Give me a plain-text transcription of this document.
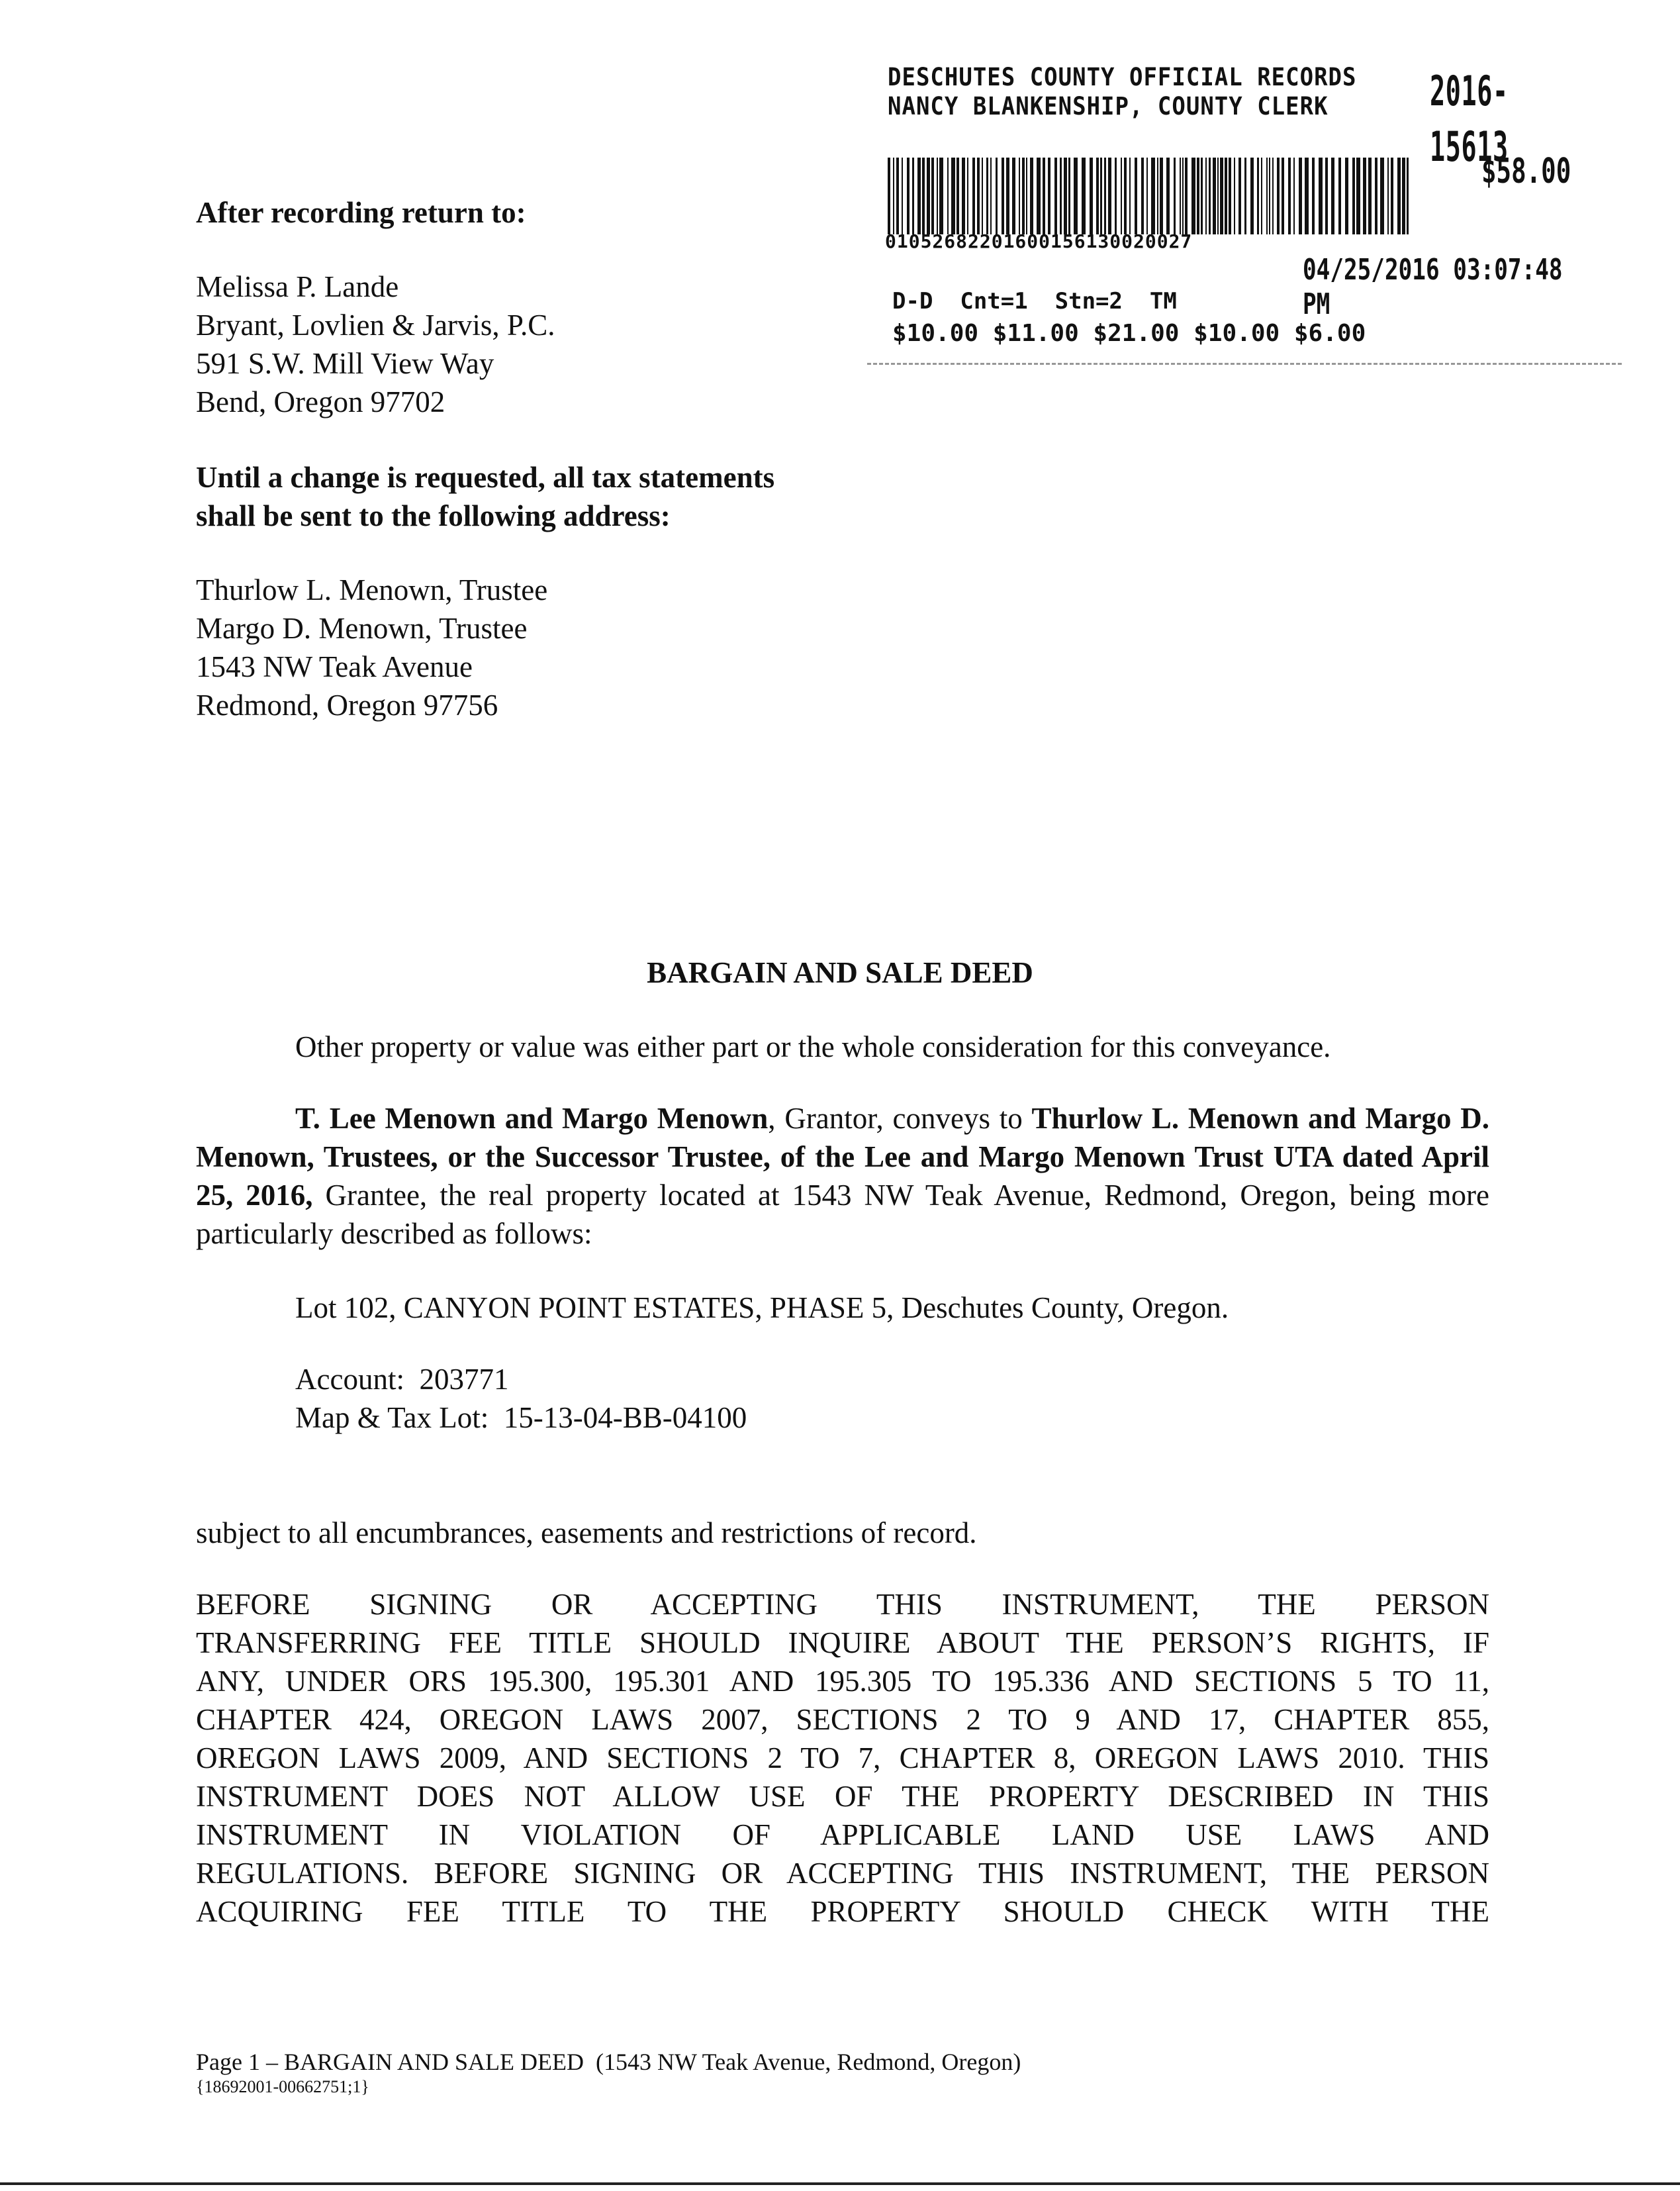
DESCHUTES COUNTY OFFICIAL RECORDS
NANCY BLANKENSHIP, COUNTY CLERK 2016-15613
$58.00
01052682201600156130020027
04/25/2016 03:07:48 PM
D-D  Cnt=1  Stn=2  TM
$10.00 $11.00 $21.00 $10.00 $6.00
After recording return to:
Melissa P. Lande
Bryant, Lovlien & Jarvis, P.C.
591 S.W. Mill View Way
Bend, Oregon 97702
Until a change is requested, all tax statements
shall be sent to the following address:
Thurlow L. Menown, Trustee
Margo D. Menown, Trustee
1543 NW Teak Avenue
Redmond, Oregon 97756
BARGAIN AND SALE DEED
Other property or value was either part or the whole consideration for this conveyance.
T. Lee Menown and Margo Menown, Grantor, conveys to Thurlow L. Menown and Margo D. Menown, Trustees, or the Successor Trustee, of the Lee and Margo Menown Trust UTA dated April 25, 2016, Grantee, the real property located at 1543 NW Teak Avenue, Redmond, Oregon, being more particularly described as follows:
Lot 102, CANYON POINT ESTATES, PHASE 5, Deschutes County, Oregon.
Account:  203771
Map & Tax Lot:  15-13-04-BB-04100
subject to all encumbrances, easements and restrictions of record.
BEFORE SIGNING OR ACCEPTING THIS INSTRUMENT, THE PERSON
TRANSFERRING FEE TITLE SHOULD INQUIRE ABOUT THE PERSON’S RIGHTS, IF
ANY, UNDER ORS 195.300, 195.301 AND 195.305 TO 195.336 AND SECTIONS 5 TO 11,
CHAPTER 424, OREGON LAWS 2007, SECTIONS 2 TO 9 AND 17, CHAPTER 855,
OREGON LAWS 2009, AND SECTIONS 2 TO 7, CHAPTER 8, OREGON LAWS 2010. THIS
INSTRUMENT DOES NOT ALLOW USE OF THE PROPERTY DESCRIBED IN THIS
INSTRUMENT IN VIOLATION OF APPLICABLE LAND USE LAWS AND
REGULATIONS. BEFORE SIGNING OR ACCEPTING THIS INSTRUMENT, THE PERSON
ACQUIRING FEE TITLE TO THE PROPERTY SHOULD CHECK WITH THE
Page 1 – BARGAIN AND SALE DEED  (1543 NW Teak Avenue, Redmond, Oregon)
{18692001-00662751;1}
